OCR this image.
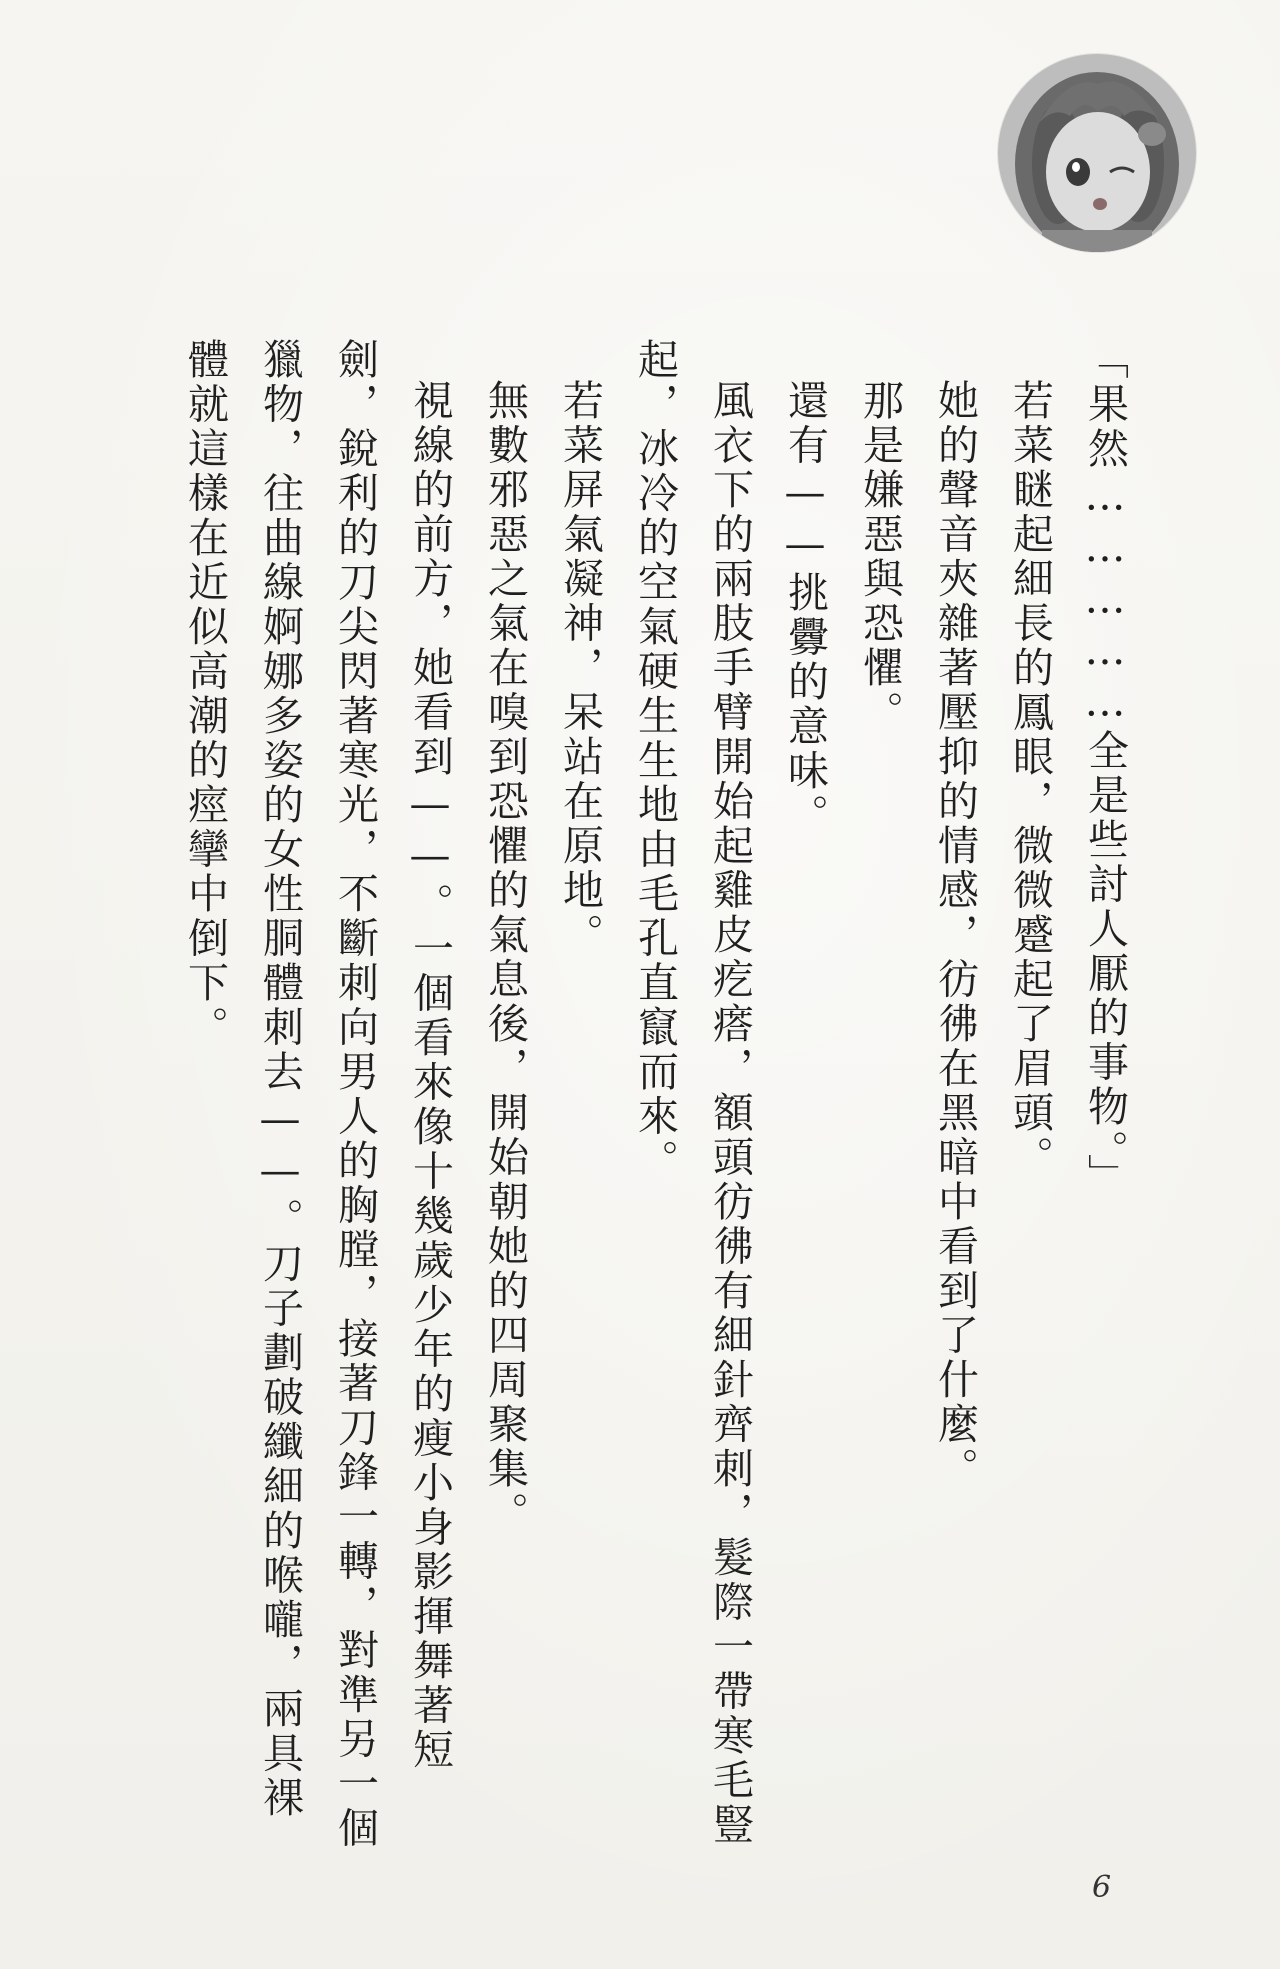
「果然……………全是些討人厭的事物。」

若菜瞇起細長的鳳眼，微微蹙起了眉頭。

她的聲音夾雜著壓抑的情感，彷彿在黑暗中看到了什麼。

那是嫌惡與恐懼。

還有——挑釁的意味。

風衣下的兩肢手臂開始起雞皮疙瘩，額頭彷彿有細針齊刺，髮際一帶寒毛豎起，冰冷的空氣硬生生地由毛孔直竄而來。

若菜屏氣凝神，呆站在原地。

無數邪惡之氣在嗅到恐懼的氣息後，開始朝她的四周聚集。

視線的前方，她看到——。一個看來像十幾歲少年的瘦小身影揮舞著短劍，銳利的刀尖閃著寒光，不斷刺向男人的胸膛，接著刀鋒一轉，對準另一個獵物，往曲線婀娜多姿的女性胴體刺去——。刀子劃破纖細的喉嚨，兩具裸體就這樣在近似高潮的痙攣中倒下。

6
